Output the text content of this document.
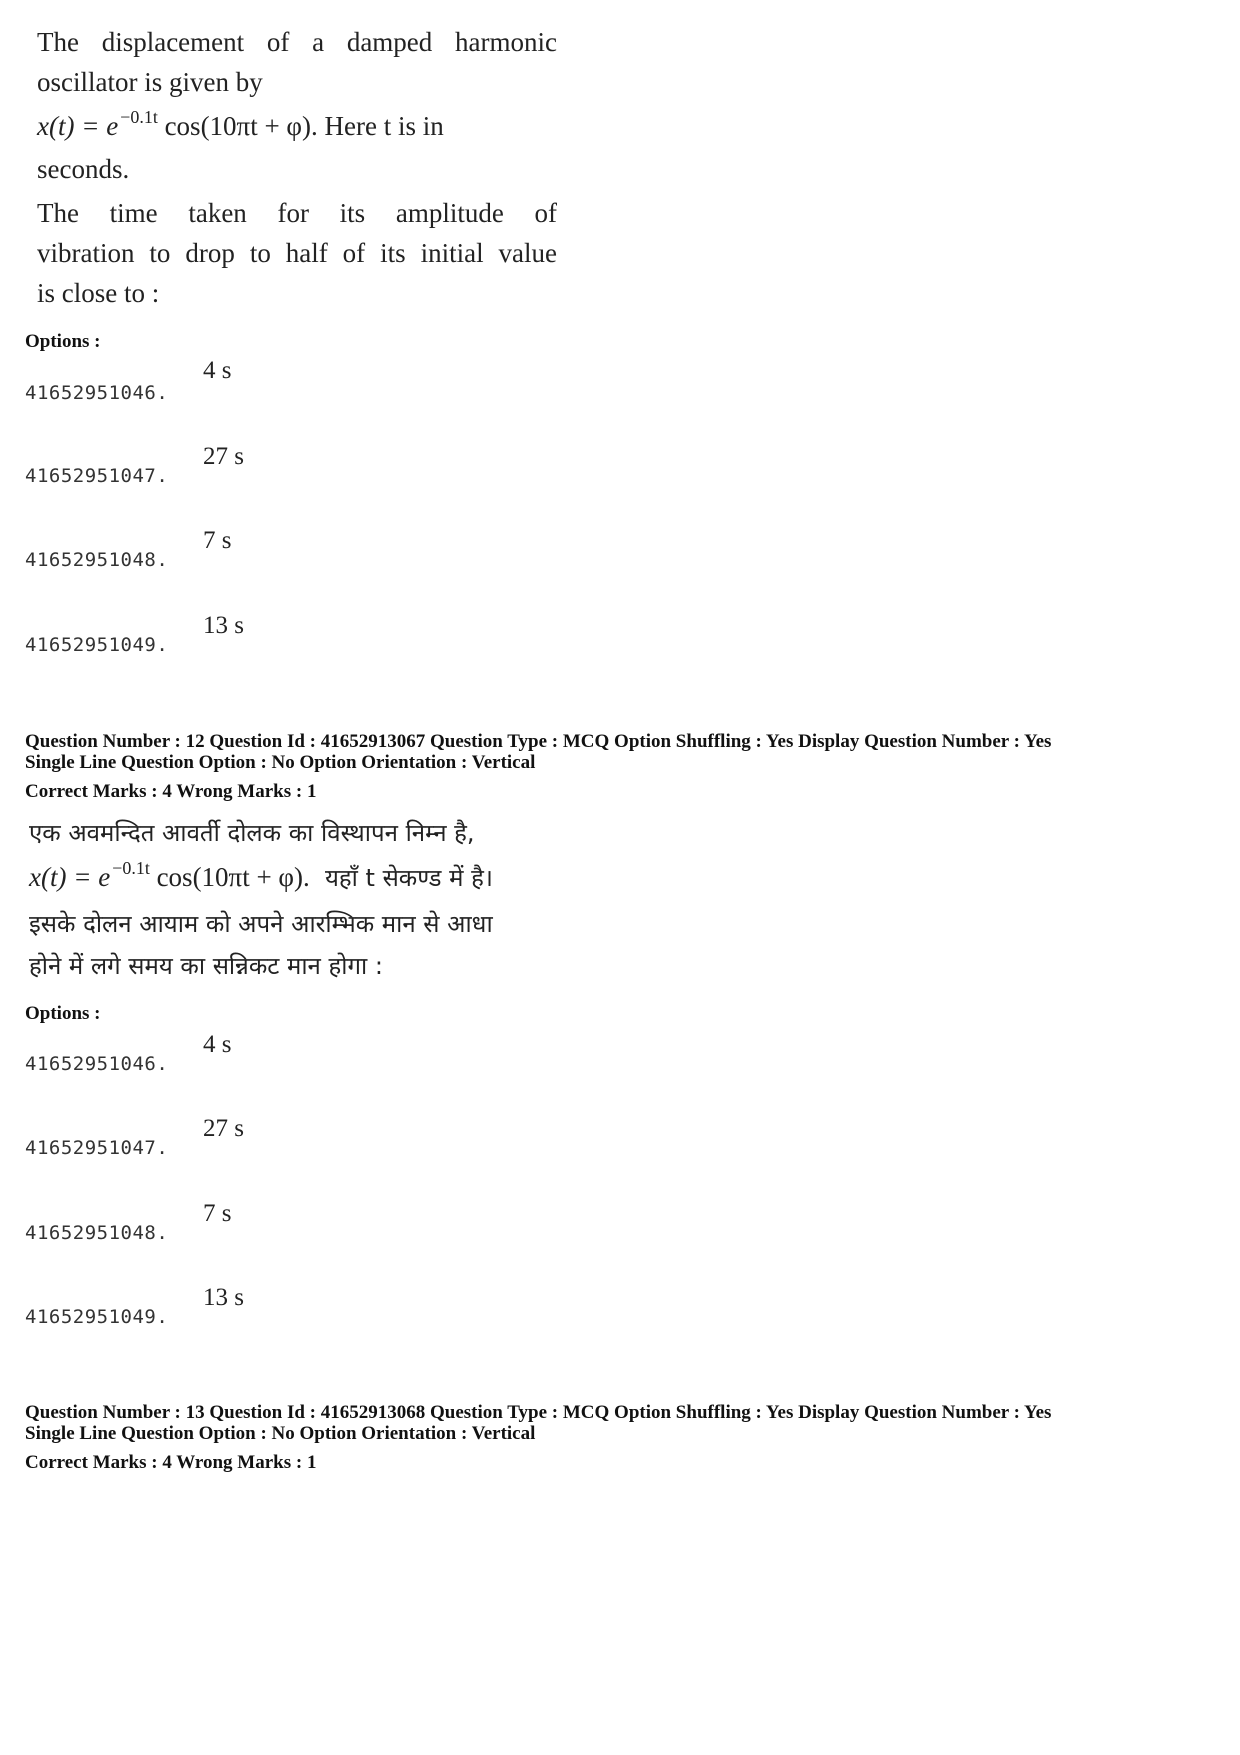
The displacement of a damped harmonic

oscillator is given by

x(t) = e $^{-0.1t}$ cos(10πt + φ). Here t is in

seconds.

The time taken for its amplitude of

vibration to drop to half of its initial value

is close to :

Options :
41652951046.
4 s
41652951047.
27 s
41652951048.
7 s
41652951049.
13 s
Question Number : 12 Question Id : 41652913067 Question Type : MCQ Option Shuffling : Yes Display Question Number : Yes
Single Line Question Option : No Option Orientation : Vertical
Correct Marks : 4 Wrong Marks : 1

एक अवमन्दित आवर्ती दोलक का विस्थापन निम्न है,

x(t) = e $^{-0.1t}$ cos(10πt + φ). यहाँ t सेकण्ड में है।

इसके दोलन आयाम को अपने आरम्भिक मान से आधा

होने में लगे समय का सन्निकट मान होगा :

Options :
41652951046.
4 s
41652951047.
27 s
41652951048.
7 s
41652951049.
13 s
Question Number : 13 Question Id : 41652913068 Question Type : MCQ Option Shuffling : Yes Display Question Number : Yes
Single Line Question Option : No Option Orientation : Vertical
Correct Marks : 4 Wrong Marks : 1
